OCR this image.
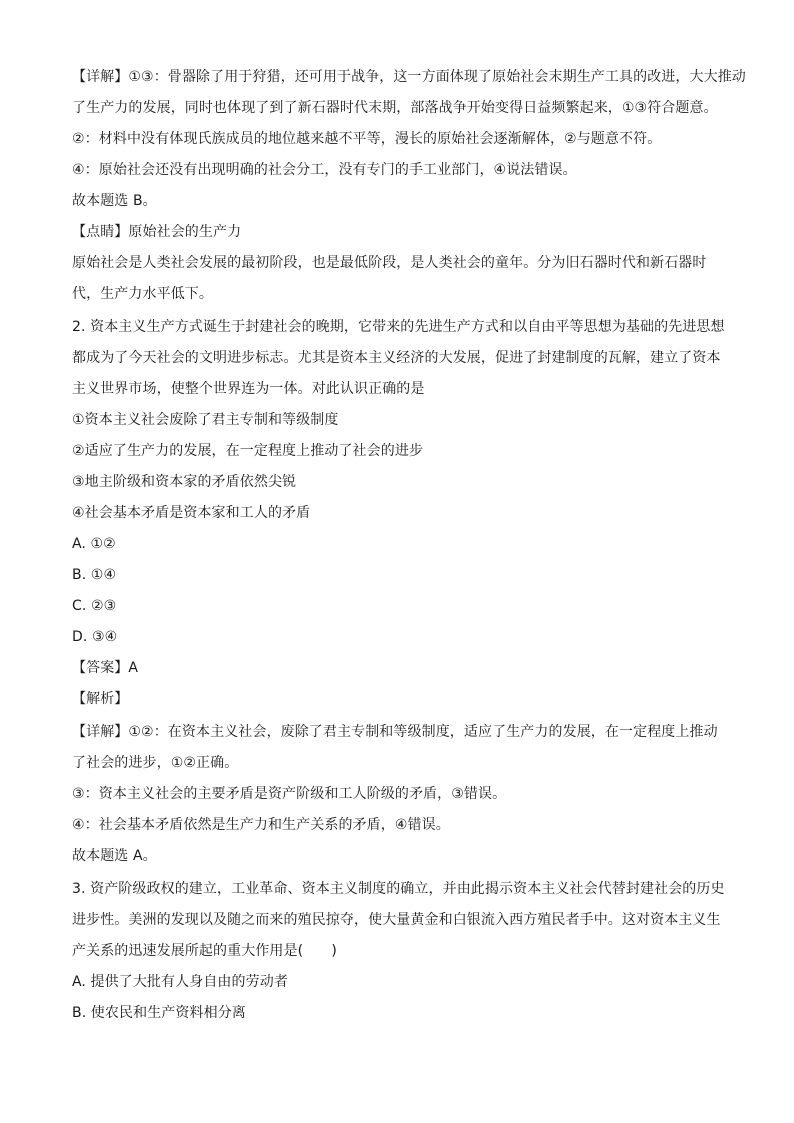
【详解】①③：骨器除了用于狩猎，还可用于战争，这一方面体现了原始社会末期生产工具的改进，大大推动
了生产力的发展，同时也体现了到了新石器时代末期，部落战争开始变得日益频繁起来，①③符合题意。
②：材料中没有体现氏族成员的地位越来越不平等，漫长的原始社会逐渐解体，②与题意不符。
④：原始社会还没有出现明确的社会分工，没有专门的手工业部门，④说法错误。
故本题选 B。
【点睛】原始社会的生产力
原始社会是人类社会发展的最初阶段，也是最低阶段，是人类社会的童年。分为旧石器时代和新石器时
代，生产力水平低下。
2. 资本主义生产方式诞生于封建社会的晚期，它带来的先进生产方式和以自由平等思想为基础的先进思想
都成为了今天社会的文明进步标志。尤其是资本主义经济的大发展，促进了封建制度的瓦解，建立了资本
主义世界市场，使整个世界连为一体。对此认识正确的是
①资本主义社会废除了君主专制和等级制度
②适应了生产力的发展，在一定程度上推动了社会的进步
③地主阶级和资本家的矛盾依然尖锐
④社会基本矛盾是资本家和工人的矛盾
A. ①②
B. ①④
C. ②③
D. ③④
【答案】A
【解析】
【详解】①②：在资本主义社会，废除了君主专制和等级制度，适应了生产力的发展，在一定程度上推动
了社会的进步，①②正确。
③：资本主义社会的主要矛盾是资产阶级和工人阶级的矛盾，③错误。
④：社会基本矛盾依然是生产力和生产关系的矛盾，④错误。
故本题选 A。
3. 资产阶级政权的建立，工业革命、资本主义制度的确立，并由此揭示资本主义社会代替封建社会的历史
进步性。美洲的发现以及随之而来的殖民掠夺，使大量黄金和白银流入西方殖民者手中。这对资本主义生
产关系的迅速发展所起的重大作用是(　　)
A. 提供了大批有人身自由的劳动者
B. 使农民和生产资料相分离
